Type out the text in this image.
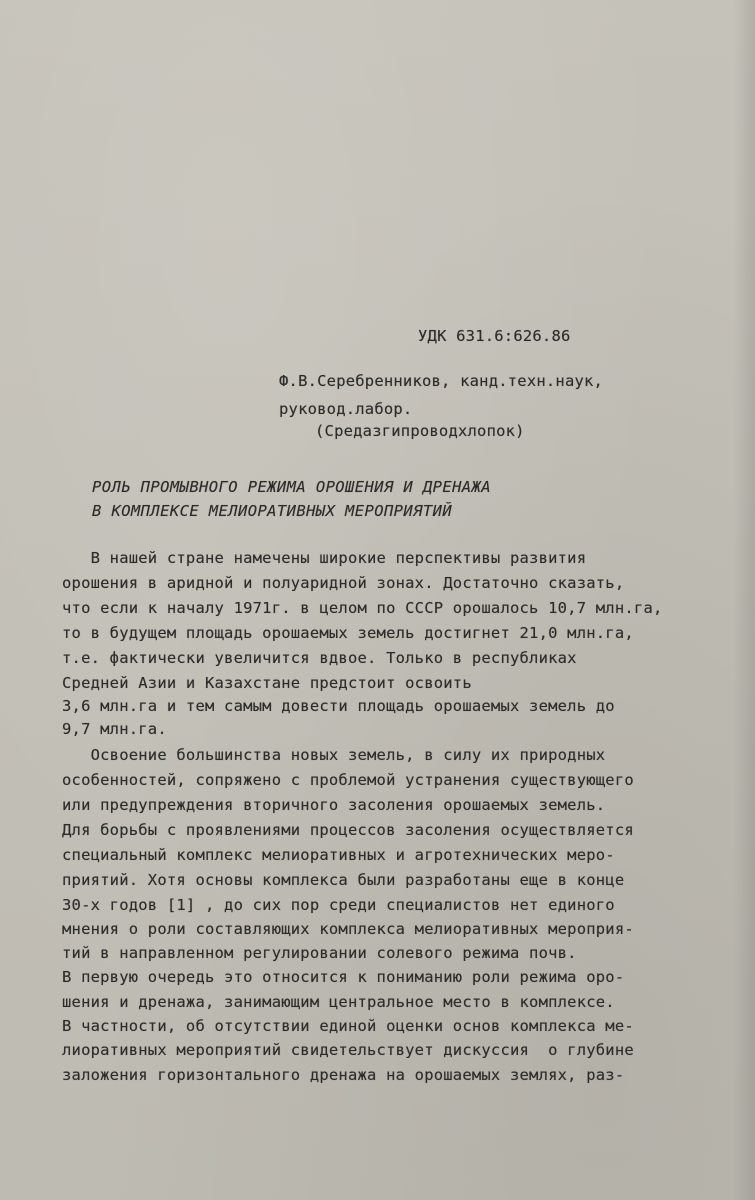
УДК 631.6:626.86

Ф.В.Серебренников, канд.техн.наук,

руковод.лабор.

(Средазгипроводхлопок)

РОЛЬ ПРОМЫВНОГО РЕЖИМА ОРОШЕНИЯ И ДРЕНАЖА

В КОМПЛЕКСЕ МЕЛИОРАТИВНЫХ МЕРОПРИЯТИЙ

В нашей стране намечены широкие перспективы развития

орошения в аридной и полуаридной зонах. Достаточно сказать,

что если к началу 1971г. в целом по СССР орошалось 10,7 млн.га,

то в будущем площадь орошаемых земель достигнет 21,0 млн.га,

т.е. фактически увеличится вдвое. Только в республиках

Средней Азии и Казахстане предстоит освоить

3,6 млн.га и тем самым довести площадь орошаемых земель до

9,7 млн.га.

Освоение большинства новых земель, в силу их природных

особенностей, сопряжено с проблемой устранения существующего

или предупреждения вторичного засоления орошаемых земель.

Для борьбы с проявлениями процессов засоления осуществляется

специальный комплекс мелиоративных и агротехнических меро-

приятий. Хотя основы комплекса были разработаны еще в конце

30-х годов [1] , до сих пор среди специалистов нет единого

мнения о роли составляющих комплекса мелиоративных мероприя-

тий в направленном регулировании солевого режима почв.

В первую очередь это относится к пониманию роли режима оро-

шения и дренажа, занимающим центральное место в комплексе.

В частности, об отсутствии единой оценки основ комплекса ме-

лиоративных мероприятий свидетельствует дискуссия  о глубине

заложения горизонтального дренажа на орошаемых землях, раз-
